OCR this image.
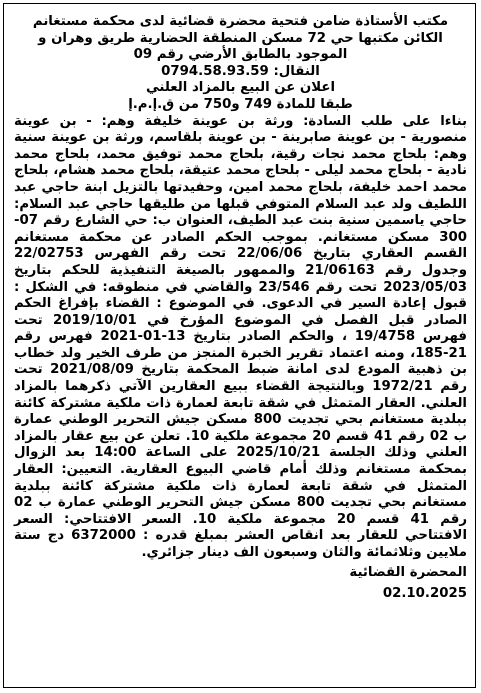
مكتب الأستاذة ضامن فتحية محضرة قضائية لدى محكمة مستغانم
الكائن مكتبها حي 72 مسكن المنطقة الحضارية طريق وهران و الموجود بالطابق الأرضي رقم 09
النقال: 0794.58.93.59
اعلان عن البيع بالمزاد العلني
طبقا للمادة 749 و750 من ق.إ.م.إ
بناءا على طلب السادة: ورثة بن عوينة خليفة وهم: - بن عوينة منصورية - بن عوينة صابرينة - بن عوينة بلقاسم، ورثة بن عوينة سنية وهم: بلحاج محمد نجات رقية، بلحاج محمد توفيق محمد، بلحاج محمد نادية - بلحاج محمد ليلى - بلحاج محمد عتيقة، بلحاج محمد هشام، بلحاج محمد احمد خليفة، بلحاج محمد امين، وحفيدتها بالتزيل ابنة حاجي عبد اللطيف ولد عبد السلام المتوفي قبلها من طليقها حاجي عبد السلام: حاجي ياسمين سنية بنت عبد الطيف، العنوان ب: حي الشارع رقم 07-300 مسكن مستغانم. بموجب الحكم الصادر عن محكمة مستغانم القسم العقاري بتاريخ 22/06/06 تحت رقم الفهرس 22/02753 وجدول رقم 21/06163 والممهور بالصيغة التنفيذية للحكم بتاريخ 2023/05/03 تحت رقم 23/546 والقاضي في منطوقه: في الشكل : قبول إعادة السير في الدعوى. في الموضوع : القضاء بإفراغ الحكم الصادر قبل الفصل في الموضوع المؤرخ في 2019/10/01 تحت فهرس 19/4758 ، والحكم الصادر بتاريخ 13-01-2021 فهرس رقم 21-185، ومنه اعتماد تقرير الخبرة المنجز من طرف الخير ولد خطاب بن ذهبية المودع لدى امانة ضبط المحكمة بتاريخ 2021/08/09 تحت رقم 1972/21 وبالنتيجة القضاء ببيع العقارين الآتي ذكرهما بالمزاد العلني. العقار المتمثل في شقة تابعة لعمارة ذات ملكية مشتركة كائنة ببلدية مستغانم بحي تجديت 800 مسكن جيش التحرير الوطني عمارة ب 02 رقم 41 قسم 20 مجموعة ملكية 10. تعلن عن بيع عقار بالمزاد العلني وذلك الجلسة 2025/10/21 على الساعة 14:00 بعد الزوال بمحكمة مستغانم وذلك أمام قاضي البيوع العقارية. التعيين: العقار المتمثل في شقة تابعة لعمارة ذات ملكية مشتركة كائنة ببلدية مستغانم بحي تجديت 800 مسكن جيش التحرير الوطني عمارة ب 02 رقم 41 قسم 20 مجموعة ملكية 10. السعر الافتتاحي: السعر الافتتاحي للعقار بعد انقاص العشر بمبلغ قدره : 6372000 دج ستة ملايين وثلاثمائة والثان وسبعون الف دينار جزائري.
المحضرة القضائية
02.10.2025
